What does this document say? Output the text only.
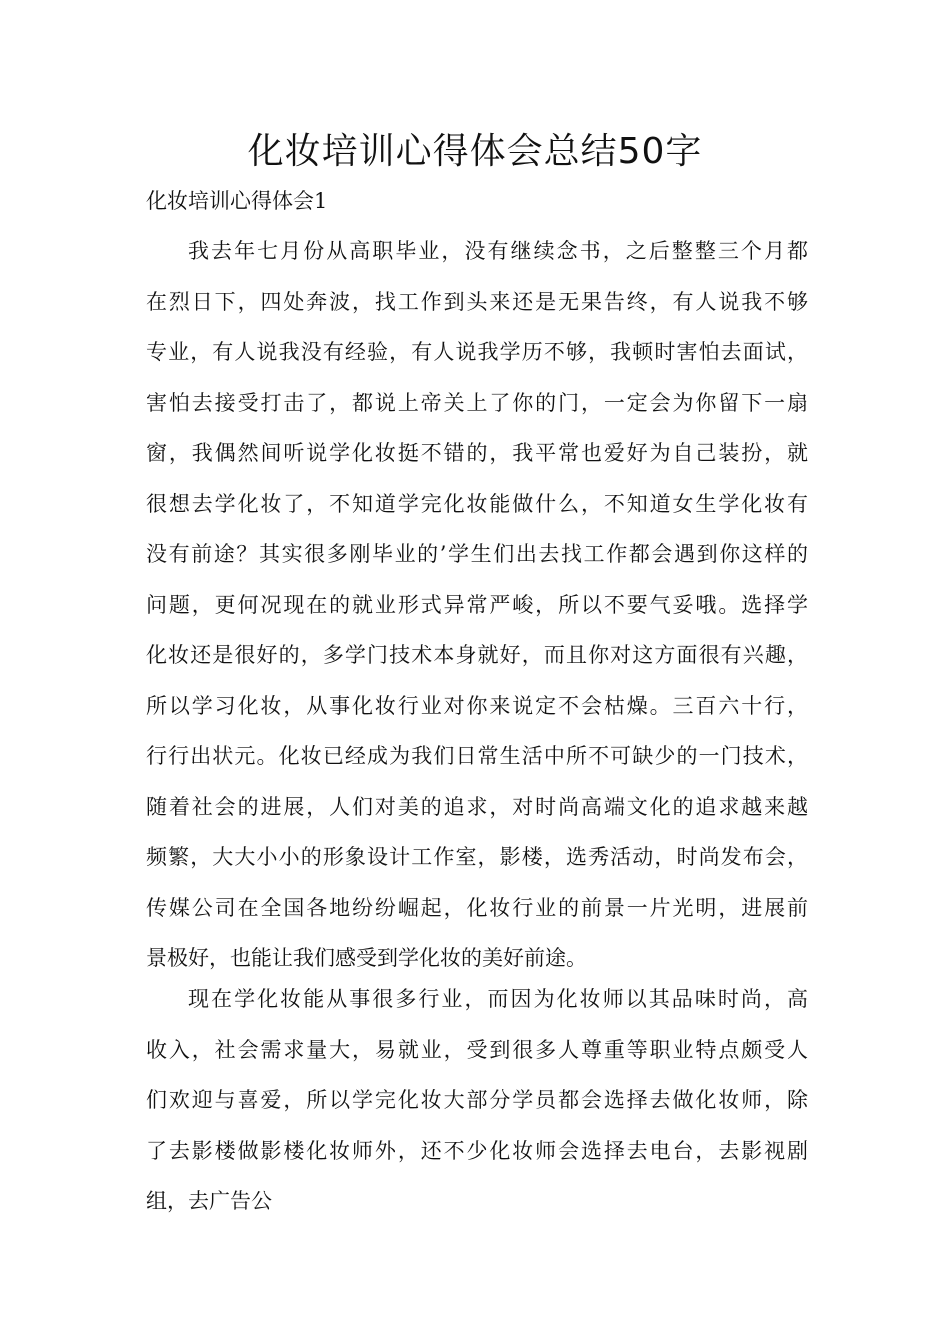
化妆培训心得体会总结50字
化妆培训心得体会1
我去年七月份从高职毕业，没有继续念书，之后整整三个月都
在烈日下，四处奔波，找工作到头来还是无果告终，有人说我不够
专业，有人说我没有经验，有人说我学历不够，我顿时害怕去面试，
害怕去接受打击了，都说上帝关上了你的门，一定会为你留下一扇
窗，我偶然间听说学化妆挺不错的，我平常也爱好为自己装扮，就
很想去学化妆了，不知道学完化妆能做什么，不知道女生学化妆有
没有前途？其实很多刚毕业的’学生们出去找工作都会遇到你这样的
问题，更何况现在的就业形式异常严峻，所以不要气妥哦。选择学
化妆还是很好的，多学门技术本身就好，而且你对这方面很有兴趣，
所以学习化妆，从事化妆行业对你来说定不会枯燥。三百六十行，
行行出状元。化妆已经成为我们日常生活中所不可缺少的一门技术，
随着社会的进展，人们对美的追求，对时尚高端文化的追求越来越
频繁，大大小小的形象设计工作室，影楼，选秀活动，时尚发布会，
传媒公司在全国各地纷纷崛起，化妆行业的前景一片光明，进展前
景极好，也能让我们感受到学化妆的美好前途。
现在学化妆能从事很多行业，而因为化妆师以其品味时尚，高
收入，社会需求量大，易就业，受到很多人尊重等职业特点颇受人
们欢迎与喜爱，所以学完化妆大部分学员都会选择去做化妆师，除
了去影楼做影楼化妆师外，还不少化妆师会选择去电台，去影视剧
组，去广告公
